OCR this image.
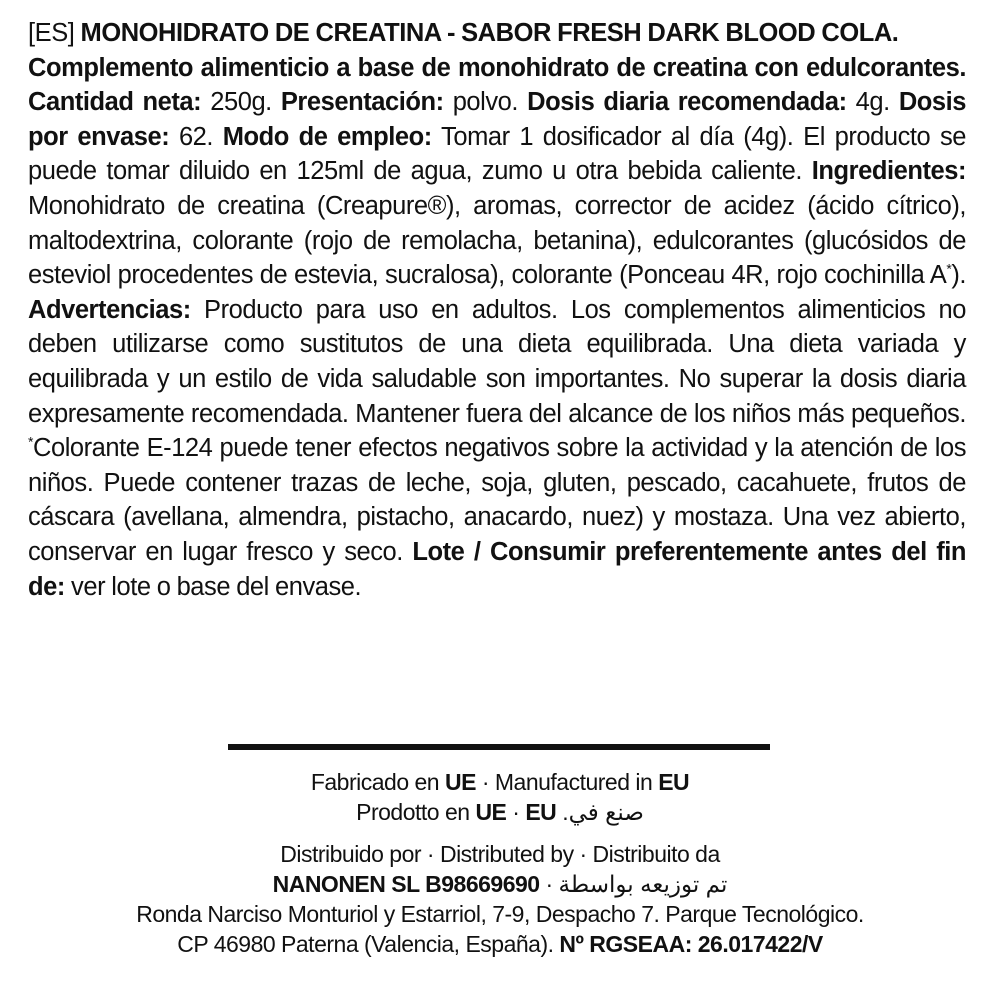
[ES] MONOHIDRATO DE CREATINA - SABOR FRESH DARK BLOOD COLA.
Complemento alimenticio a base de monohidrato de creatina con edulcorantes. Cantidad neta: 250g. Presentación: polvo. Dosis diaria recomendada: 4g. Dosis por envase: 62. Modo de empleo: Tomar 1 dosificador al día (4g). El producto se puede tomar diluido en 125ml de agua, zumo u otra bebida caliente. Ingredientes: Monohidrato de creatina (Creapure®), aromas, corrector de acidez (ácido cítrico), maltodextrina, colorante (rojo de remolacha, betanina), edulcorantes (glucósidos de esteviol procedentes de estevia, sucralosa), colorante (Ponceau 4R, rojo cochinilla A*). Advertencias: Producto para uso en adultos. Los complementos alimenticios no deben utilizarse como sustitutos de una dieta equilibrada. Una dieta variada y equilibrada y un estilo de vida saludable son importantes. No superar la dosis diaria expresamente recomendada. Mantener fuera del alcance de los niños más pequeños. *Colorante E-124 puede tener efectos negativos sobre la actividad y la atención de los niños. Puede contener trazas de leche, soja, gluten, pescado, cacahuete, frutos de cáscara (avellana, almendra, pistacho, anacardo, nuez) y mostaza. Una vez abierto, conservar en lugar fresco y seco. Lote / Consumir preferentemente antes del fin de: ver lote o base del envase.
Fabricado en UE · Manufactured in EU
Prodotto en UE · EU صنع في.
Distribuido por · Distributed by · Distribuito da
NANONEN SL B98669690 · تم توزيعه بواسطة
Ronda Narciso Monturiol y Estarriol, 7-9, Despacho 7. Parque Tecnológico.
CP 46980 Paterna (Valencia, España). Nº RGSEAA: 26.017422/V
